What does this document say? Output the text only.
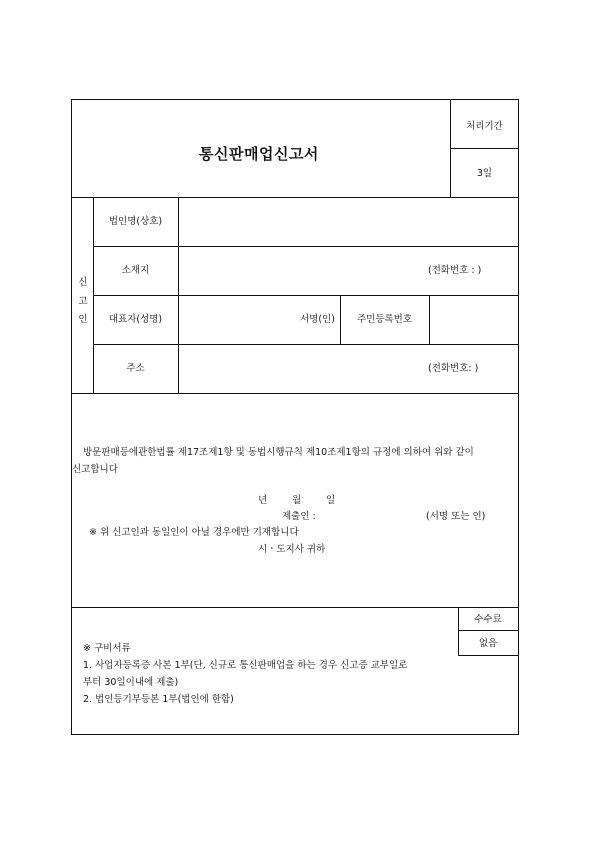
통신판매업신고서
처리기간
3일
신
고
인
법인명(상호)
소재지	(전화번호 : )
대표자(성명)	서명(인)	주민등록번호
주소	(전화번호: )
방문판매등에관한법률 제17조제1항 및 동법시행규칙 제10조제1항의 규정에 의하여 위와 같이
신고합니다
년	월	일
제출인 :	(서명 또는 인)
※ 위 신고인과 동일인이 아닐 경우에만 기재합니다
시ㆍ도지사 귀하
수수료
없음
※ 구비서류
1. 사업자등록증 사본 1부(단, 신규로 통신판매업을 하는 경우 신고증 교부일로
부터 30일이내에 제출)
2. 법인등기부등본 1부(법인에 한함)
